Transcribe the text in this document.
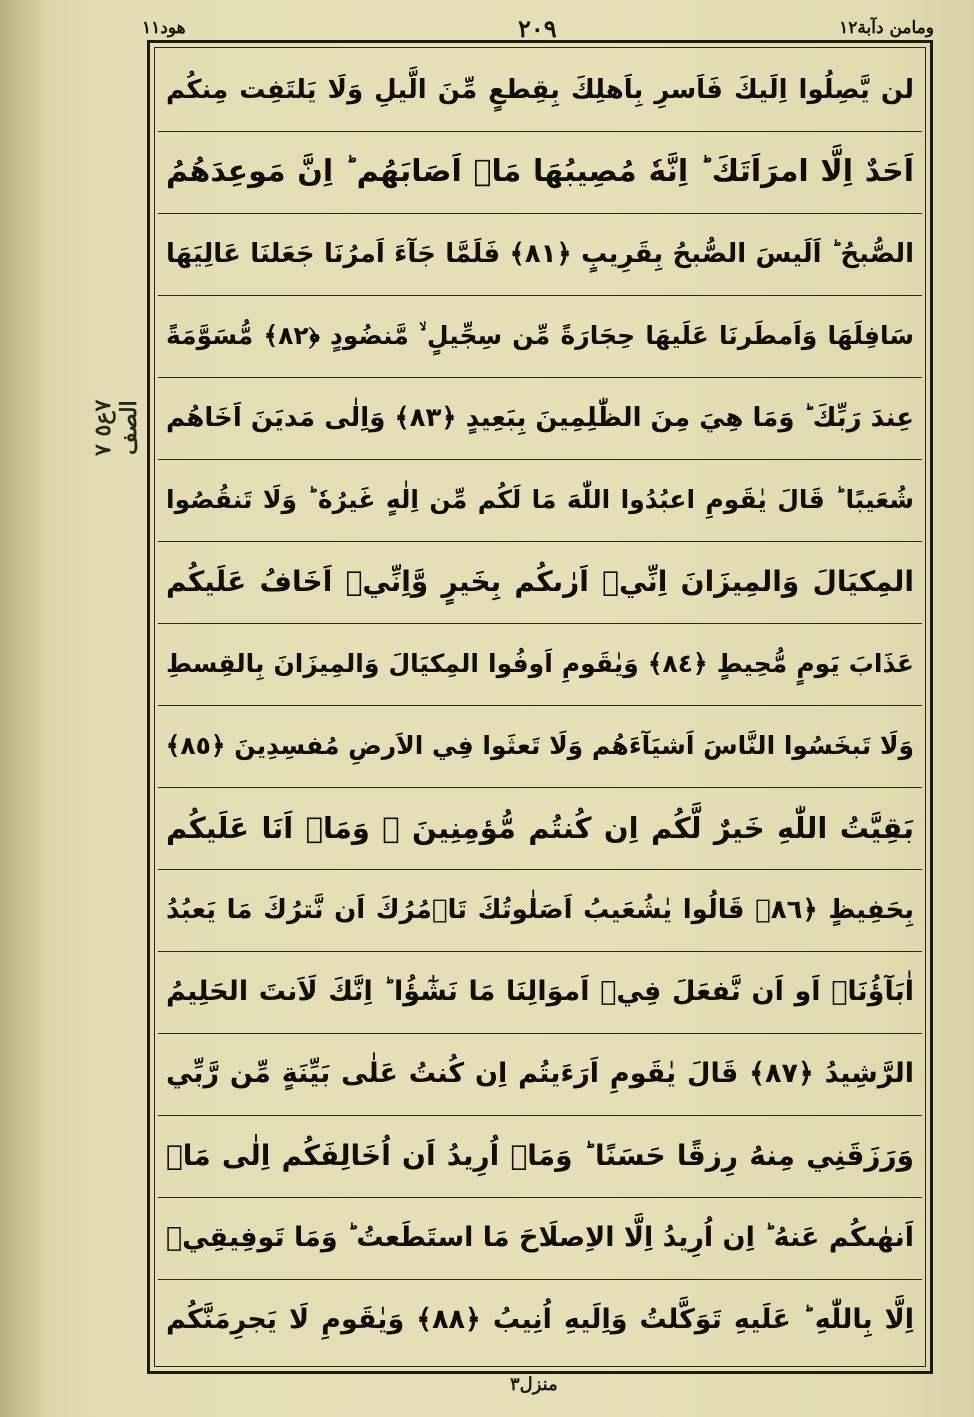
هود١١	٢٠٩	ومامن دآبة١٢
٧ع٥ ٧ الصف
لن يَّصِلُوا اِلَيكَ فَاَسرِ بِاَهلِكَ بِقِطعٍ مِّنَ الَّيلِ وَلَا يَلتَفِت مِنكُم
اَحَدٌ اِلَّا امرَاَتَكَ ؕ اِنَّهٗ مُصِيبُهَا مَاۤ اَصَابَهُم ؕ اِنَّ مَوعِدَهُمُ
الصُّبحُ ؕ اَلَيسَ الصُّبحُ بِقَرِيبٍ ﴿٨١﴾ فَلَمَّا جَآءَ اَمرُنَا جَعَلنَا عَالِيَهَا
سَافِلَهَا وَاَمطَرنَا عَلَيهَا حِجَارَةً مِّن سِجِّيلٍ ۙ مَّنضُودٍ ﴿٨٢﴾ مُّسَوَّمَةً
عِندَ رَبِّكَ ؕ وَمَا هِيَ مِنَ الظّٰلِمِينَ بِبَعِيدٍ ﴿٨٣﴾ وَاِلٰى مَديَنَ اَخَاهُم
شُعَيبًا ؕ قَالَ يٰقَومِ اعبُدُوا اللّٰهَ مَا لَكُم مِّن اِلٰهٍ غَيرُهٗ ؕ وَلَا تَنقُصُوا
المِكيَالَ وَالمِيزَانَ اِنِّيۤ اَرٰىكُم بِخَيرٍ وَّاِنِّيۤ اَخَافُ عَلَيكُم
عَذَابَ يَومٍ مُّحِيطٍ ﴿٨٤﴾ وَيٰقَومِ اَوفُوا المِكيَالَ وَالمِيزَانَ بِالقِسطِ
وَلَا تَبخَسُوا النَّاسَ اَشيَآءَهُم وَلَا تَعثَوا فِي الاَرضِ مُفسِدِينَ ﴿٨٥﴾
بَقِيَّتُ اللّٰهِ خَيرٌ لَّكُم اِن كُنتُم مُّؤمِنِينَ ۚ وَمَاۤ اَنَا عَلَيكُم
بِحَفِيظٍ ﴿٨٦﴾ قَالُوا يٰشُعَيبُ اَصَلٰوتُكَ تَاۡمُرُكَ اَن نَّترُكَ مَا يَعبُدُ
اٰبَآؤُنَاۤ اَو اَن نَّفعَلَ فِيۤ اَموَالِنَا مَا نَشٰٓؤُا ؕ اِنَّكَ لَاَنتَ الحَلِيمُ
الرَّشِيدُ ﴿٨٧﴾ قَالَ يٰقَومِ اَرَءَيتُم اِن كُنتُ عَلٰى بَيِّنَةٍ مِّن رَّبِّي
وَرَزَقَنِي مِنهُ رِزقًا حَسَنًا ؕ وَمَاۤ اُرِيدُ اَن اُخَالِفَكُم اِلٰى مَاۤ
اَنهٰىكُم عَنهُ ؕ اِن اُرِيدُ اِلَّا الاِصلَاحَ مَا استَطَعتُ ؕ وَمَا تَوفِيقِيۤ
اِلَّا بِاللّٰهِ ؕ عَلَيهِ تَوَكَّلتُ وَاِلَيهِ اُنِيبُ ﴿٨٨﴾ وَيٰقَومِ لَا يَجرِمَنَّكُم
منزل٣
